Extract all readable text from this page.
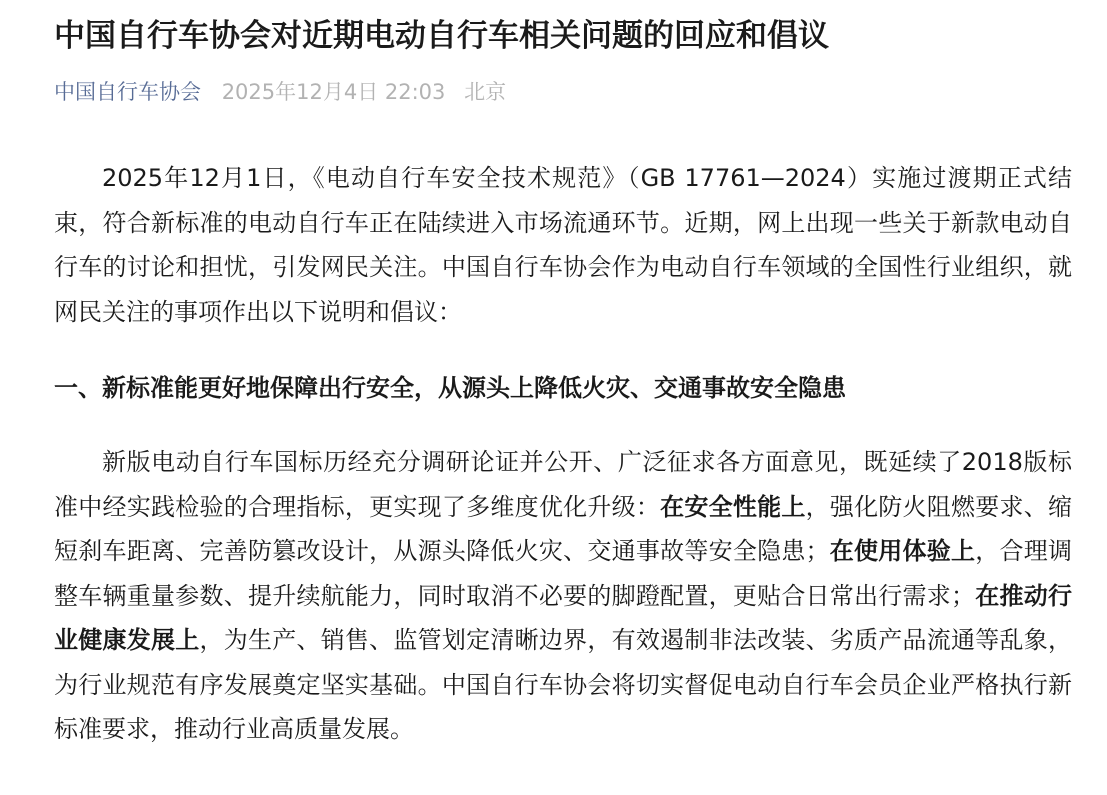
中国自行车协会对近期电动自行车相关问题的回应和倡议
中国自行车协会 2025年12月4日 22:03 北京

2025年12月1日，《电动自行车安全技术规范》（GB 17761—2024）实施过渡期正式结束，符合新标准的电动自行车正在陆续进入市场流通环节。近期，网上出现一些关于新款电动自行车的讨论和担忧，引发网民关注。中国自行车协会作为电动自行车领域的全国性行业组织，就网民关注的事项作出以下说明和倡议：

一、新标准能更好地保障出行安全，从源头上降低火灾、交通事故安全隐患

新版电动自行车国标历经充分调研论证并公开、广泛征求各方面意见，既延续了2018版标准中经实践检验的合理指标，更实现了多维度优化升级：在安全性能上，强化防火阻燃要求、缩短刹车距离、完善防篡改设计，从源头降低火灾、交通事故等安全隐患；在使用体验上，合理调整车辆重量参数、提升续航能力，同时取消不必要的脚蹬配置，更贴合日常出行需求；在推动行业健康发展上，为生产、销售、监管划定清晰边界，有效遏制非法改装、劣质产品流通等乱象，为行业规范有序发展奠定坚实基础。中国自行车协会将切实督促电动自行车会员企业严格执行新标准要求，推动行业高质量发展。
